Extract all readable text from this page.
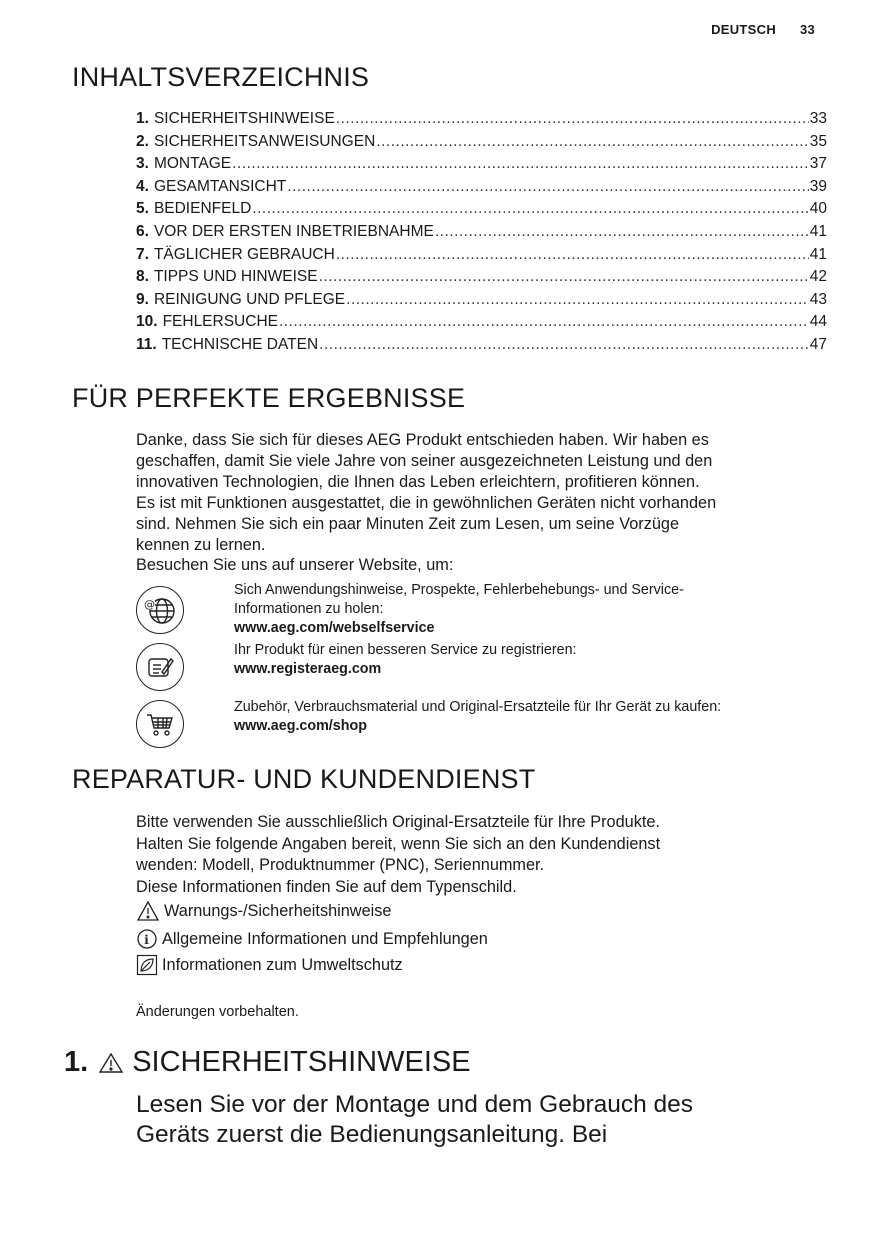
DEUTSCH 33
INHALTSVERZEICHNIS
1. SICHERHEITSHINWEISE .....	33
2. SICHERHEITSANWEISUNGEN .....	35
3. MONTAGE .....	37
4. GESAMTANSICHT .....	39
5. BEDIENFELD .....	40
6. VOR DER ERSTEN INBETRIEBNAHME .....	41
7. TÄGLICHER GEBRAUCH .....	41
8. TIPPS UND HINWEISE .....	42
9. REINIGUNG UND PFLEGE .....	43
10. FEHLERSUCHE .....	44
11. TECHNISCHE DATEN .....	47
FÜR PERFEKTE ERGEBNISSE

Danke, dass Sie sich für dieses AEG Produkt entschieden haben. Wir haben es

geschaffen, damit Sie viele Jahre von seiner ausgezeichneten Leistung und den

innovativen Technologien, die Ihnen das Leben erleichtern, profitieren können.

Es ist mit Funktionen ausgestattet, die in gewöhnlichen Geräten nicht vorhanden

sind. Nehmen Sie sich ein paar Minuten Zeit zum Lesen, um seine Vorzüge

kennen zu lernen.

Besuchen Sie uns auf unserer Website, um:

@
Sich Anwendungshinweise, Prospekte, Fehlerbehebungs- und Service-
Informationen zu holen:
www.aeg.com/webselfservice
Ihr Produkt für einen besseren Service zu registrieren:
www.registeraeg.com
Zubehör, Verbrauchsmaterial und Original-Ersatzteile für Ihr Gerät zu kaufen:
www.aeg.com/shop
REPARATUR- UND KUNDENDIENST

Bitte verwenden Sie ausschließlich Original-Ersatzteile für Ihre Produkte.

Halten Sie folgende Angaben bereit, wenn Sie sich an den Kundendienst

wenden: Modell, Produktnummer (PNC), Seriennummer.

Diese Informationen finden Sie auf dem Typenschild.

Warnungs-/Sicherheitshinweise
i Allgemeine Informationen und Empfehlungen
Informationen zum Umweltschutz
Änderungen vorbehalten.
1. SICHERHEITSHINWEISE

Lesen Sie vor der Montage und dem Gebrauch des

Geräts zuerst die Bedienungsanleitung. Bei
